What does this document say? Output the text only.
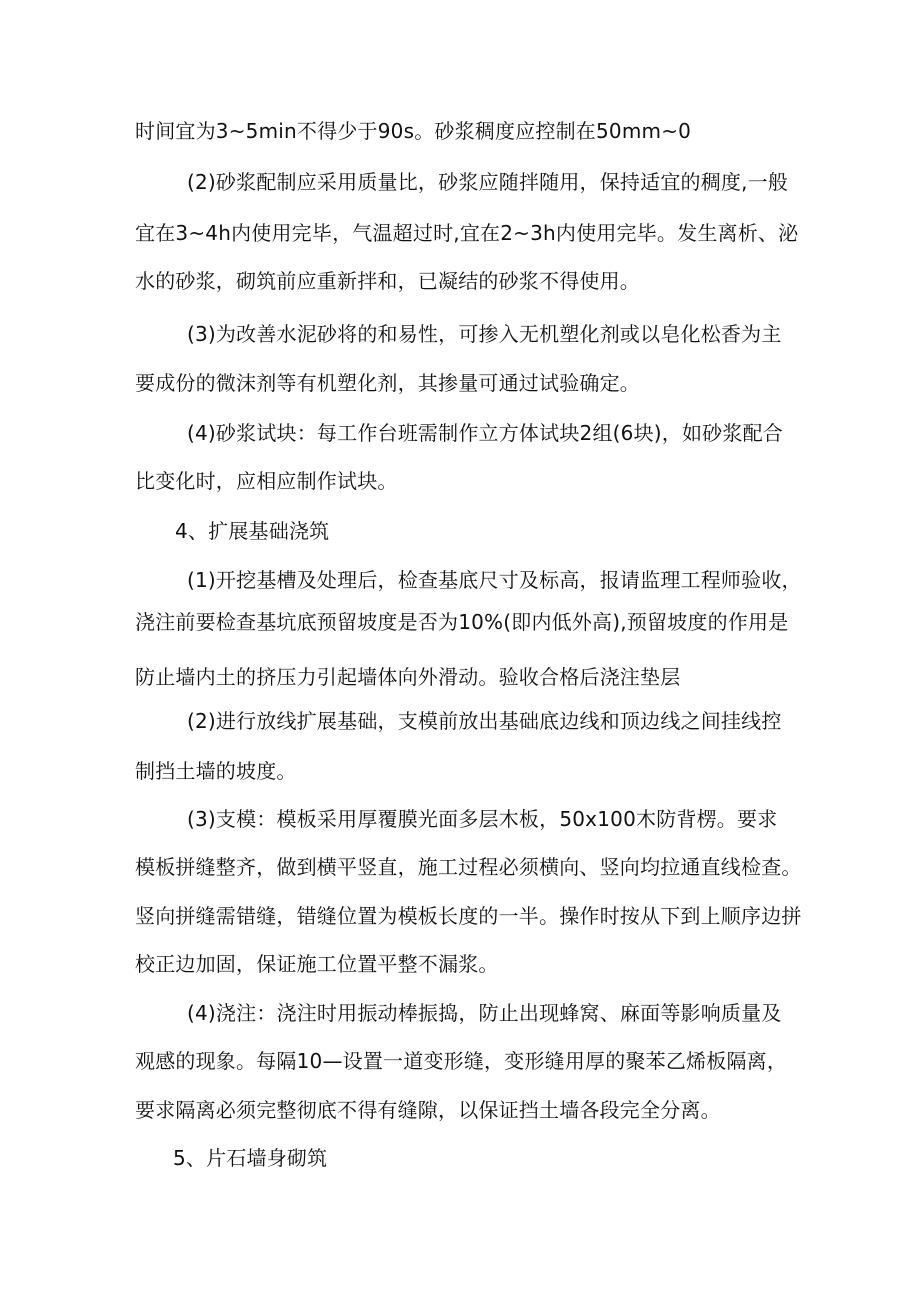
时间宜为3~5min不得少于90s。砂浆稠度应控制在50mm~0
(2)砂浆配制应采用质量比，砂浆应随拌随用，保持适宜的稠度,一般
宜在3~4h内使用完毕，气温超过时,宜在2~3h内使用完毕。发生离析、泌
水的砂浆，砌筑前应重新拌和，已凝结的砂浆不得使用。
(3)为改善水泥砂将的和易性，可掺入无机塑化剂或以皂化松香为主
要成份的微沫剂等有机塑化剂，其掺量可通过试验确定。
(4)砂浆试块：每工作台班需制作立方体试块2组(6块)，如砂浆配合
比变化时，应相应制作试块。
4、扩展基础浇筑
(1)开挖基槽及处理后，检查基底尺寸及标高，报请监理工程师验收，
浇注前要检查基坑底预留坡度是否为10%(即内低外高),预留坡度的作用是
防止墙内土的挤压力引起墙体向外滑动。验收合格后浇注垫层
(2)进行放线扩展基础，支模前放出基础底边线和顶边线之间挂线控
制挡土墙的坡度。
(3)支模：模板采用厚覆膜光面多层木板，50x100木防背楞。要求
模板拼缝整齐，做到横平竖直，施工过程必须横向、竖向均拉通直线检查。
竖向拼缝需错缝，错缝位置为模板长度的一半。操作时按从下到上顺序边拼
校正边加固，保证施工位置平整不漏浆。
(4)浇注：浇注时用振动棒振捣，防止出现蜂窝、麻面等影响质量及
观感的现象。每隔10—设置一道变形缝，变形缝用厚的聚苯乙烯板隔离，
要求隔离必须完整彻底不得有缝隙，以保证挡土墙各段完全分离。
5、片石墙身砌筑
